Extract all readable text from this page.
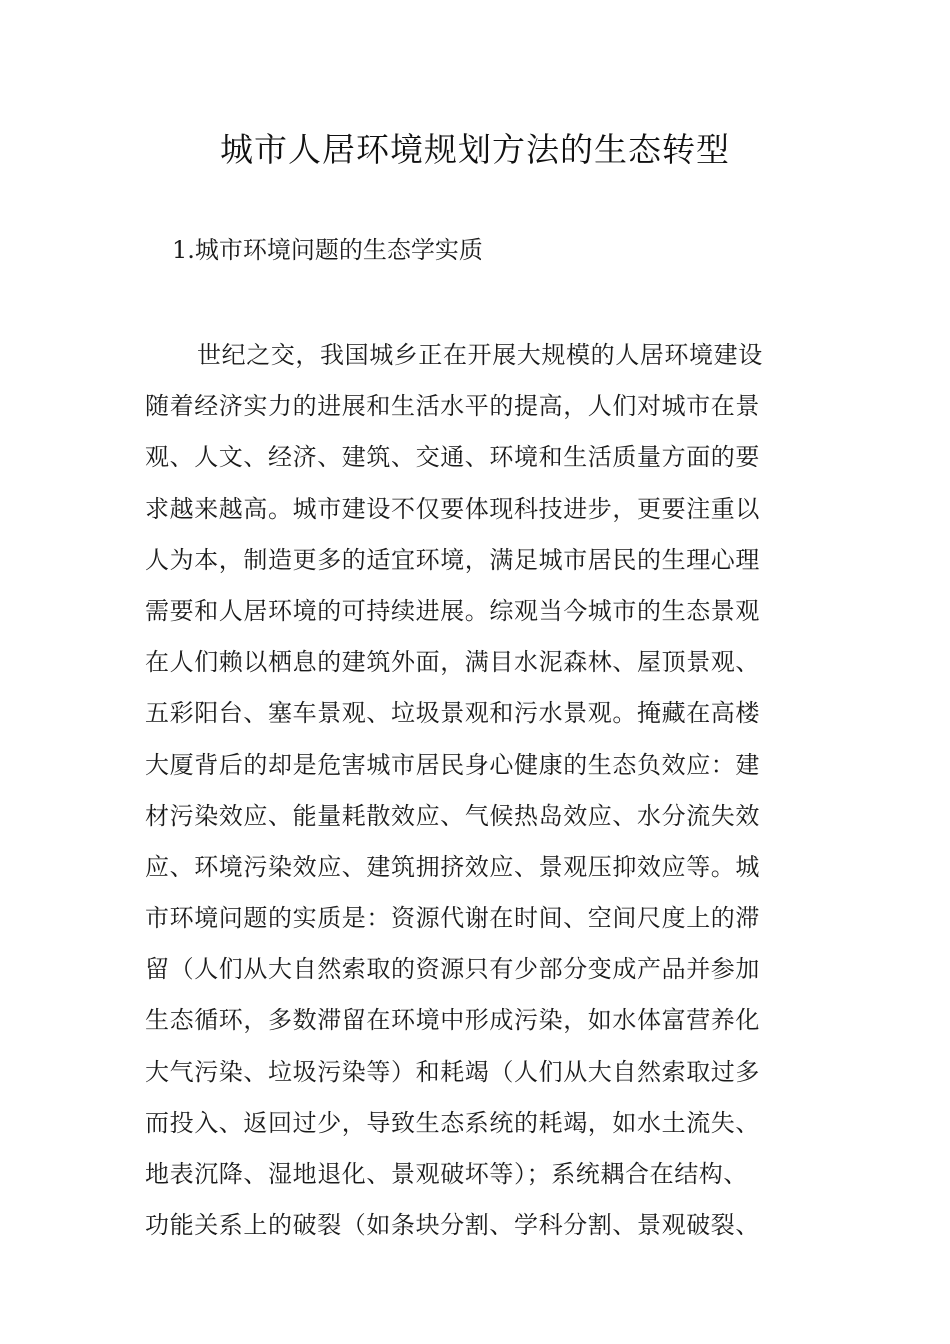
城市人居环境规划方法的生态转型
1.城市环境问题的生态学实质
世纪之交，我国城乡正在开展大规模的人居环境建设
随着经济实力的进展和生活水平的提高，人们对城市在景
观、人文、经济、建筑、交通、环境和生活质量方面的要
求越来越高。城市建设不仅要体现科技进步，更要注重以
人为本，制造更多的适宜环境，满足城市居民的生理心理
需要和人居环境的可持续进展。综观当今城市的生态景观
在人们赖以栖息的建筑外面，满目水泥森林、屋顶景观、
五彩阳台、塞车景观、垃圾景观和污水景观。掩藏在高楼
大厦背后的却是危害城市居民身心健康的生态负效应：建
材污染效应、能量耗散效应、气候热岛效应、水分流失效
应、环境污染效应、建筑拥挤效应、景观压抑效应等。城
市环境问题的实质是：资源代谢在时间、空间尺度上的滞
留（人们从大自然索取的资源只有少部分变成产品并参加
生态循环，多数滞留在环境中形成污染，如水体富营养化
大气污染、垃圾污染等）和耗竭（人们从大自然索取过多
而投入、返回过少，导致生态系统的耗竭，如水土流失、
地表沉降、湿地退化、景观破坏等）；系统耦合在结构、
功能关系上的破裂（如条块分割、学科分割、景观破裂、
